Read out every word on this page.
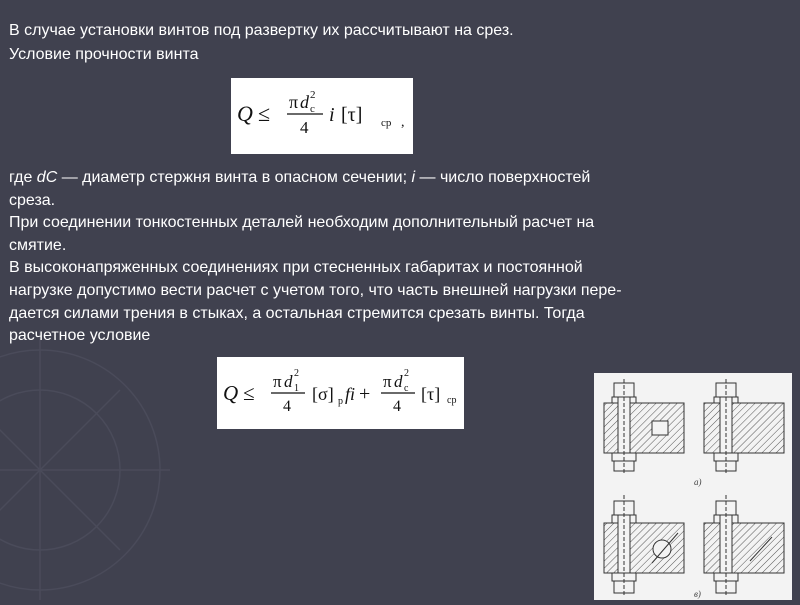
В случае установки винтов под развертку их рассчитывают на срез.
Условие прочности винта
Q ≤ π d c
2
4
i [τ] ср ,
где dC — диаметр стержня винта в опасном сечении; i — число поверхностей
среза.
При соединении тонкостенных деталей необходим дополнительный расчет на
смятие.
В высоконапряженных соединениях при стесненных габаритах и постоянной
нагрузке допустимо вести расчет с учетом того, что часть внешней нагрузки пере-
дается силами трения в стыках, а остальная стремится срезать винты. Тогда
расчетное условие
Q ≤ π d 1
2
4
[σ] р fi +
π d c
2
4
[τ] ср
а)
в)
